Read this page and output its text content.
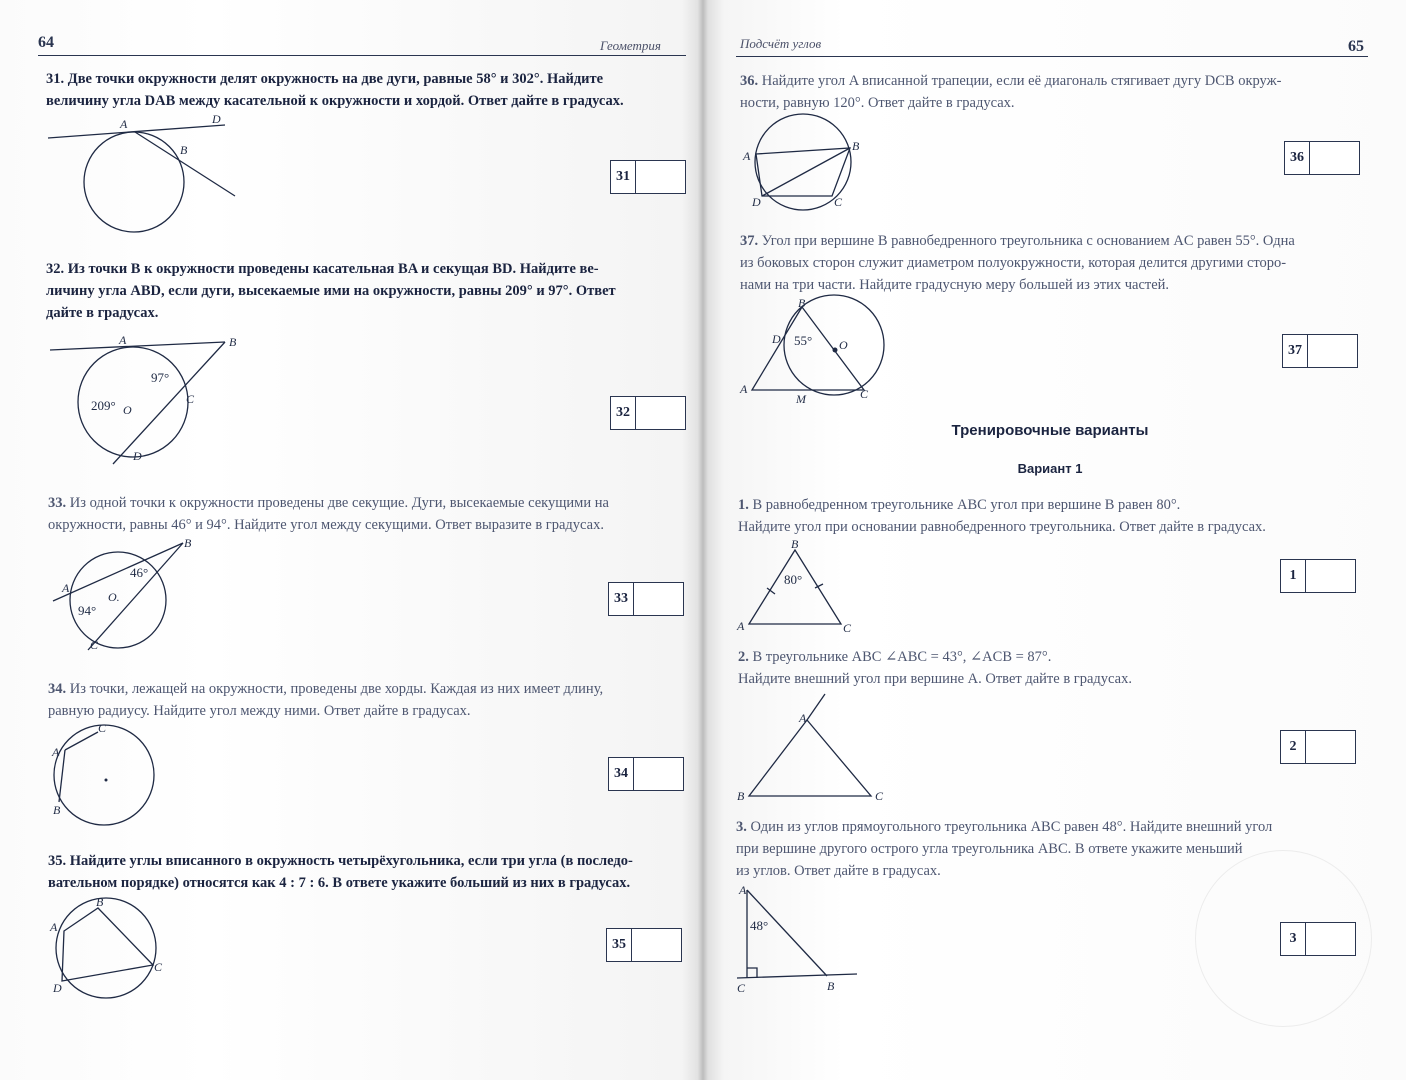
64	Геометрия
31. Две точки окружности делят окружность на две дуги, равные 58° и 302°. Найдите
величину угла DAB между касательной к окружности и хордой. Ответ дайте в градусах.
A	D
B
31
32. Из точки B к окружности проведены касательная BA и секущая BD. Найдите ве-
личину угла ABD, если дуги, высекаемые ими на окружности, равны 209° и 97°. Ответ
дайте в градусах.
A	B
97°
209° O
C
D
32
33. Из одной точки к окружности проведены две секущие. Дуги, высекаемые секущими на
окружности, равны 46° и 94°. Найдите угол между секущими. Ответ выразите в градусах.
B
A
46°
O.
94°
C
33
34. Из точки, лежащей на окружности, проведены две хорды. Каждая из них имеет длину,
равную радиусу. Найдите угол между ними. Ответ дайте в градусах.
A
C
B
34
35. Найдите углы вписанного в окружность четырёхугольника, если три угла (в последо-
вательном порядке) относятся как 4 : 7 : 6. В ответе укажите больший из них в градусах.
B
A
C
D
35
Подсчёт углов	65
36. Найдите угол A вписанной трапеции, если её диагональ стягивает дугу DCB окруж-
ности, равную 120°. Ответ дайте в градусах.
A
B
D	C
36
37. Угол при вершине B равнобедренного треугольника с основанием AC равен 55°. Одна
из боковых сторон служит диаметром полуокружности, которая делится другими сторо-
нами на три части. Найдите градусную меру большей из этих частей.
B
D 55° O
A
M	C
37
Тренировочные варианты
Вариант 1
1. В равнобедренном треугольнике ABC угол при вершине B равен 80°.
Найдите угол при основании равнобедренного треугольника. Ответ дайте в градусах.
B
80°
A	C
1
2. В треугольнике ABC ∠ABC = 43°, ∠ACB = 87°.
Найдите внешний угол при вершине A. Ответ дайте в градусах.
A
B	C
2
3. Один из углов прямоугольного треугольника ABC равен 48°. Найдите внешний угол
при вершине другого острого угла треугольника ABC. В ответе укажите меньший
из углов. Ответ дайте в градусах.
A
48°
C	B
3
